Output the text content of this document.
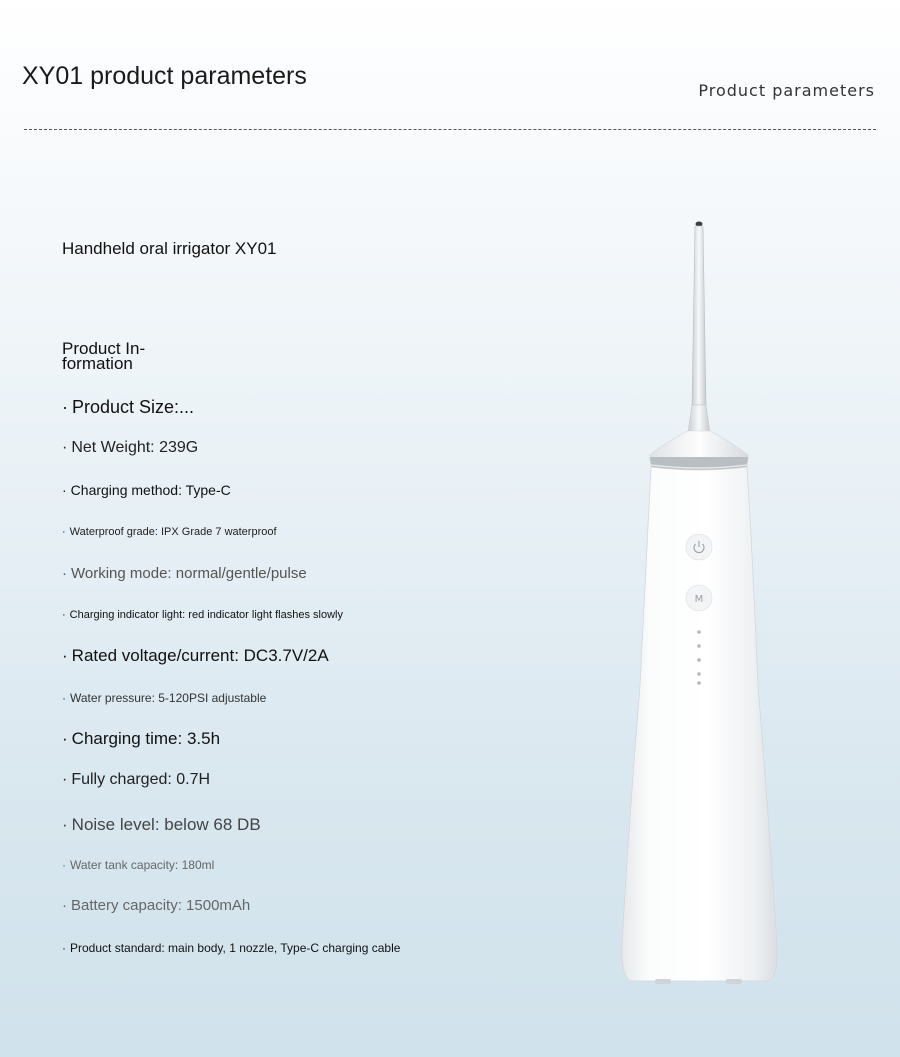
XY01 product parameters
Product parameters
Handheld oral irrigator XY01
Product In-
formation
· Product Size:...
· Net Weight: 239G
· Charging method: Type-C
· Waterproof grade: IPX Grade 7 waterproof
· Working mode: normal/gentle/pulse
· Charging indicator light: red indicator light flashes slowly
· Rated voltage/current: DC3.7V/2A
· Water pressure: 5-120PSI adjustable
· Charging time: 3.5h
· Fully charged: 0.7H
· Noise level: below 68 DB
· Water tank capacity: 180ml
· Battery capacity: 1500mAh
· Product standard: main body, 1 nozzle, Type-C charging cable
M
